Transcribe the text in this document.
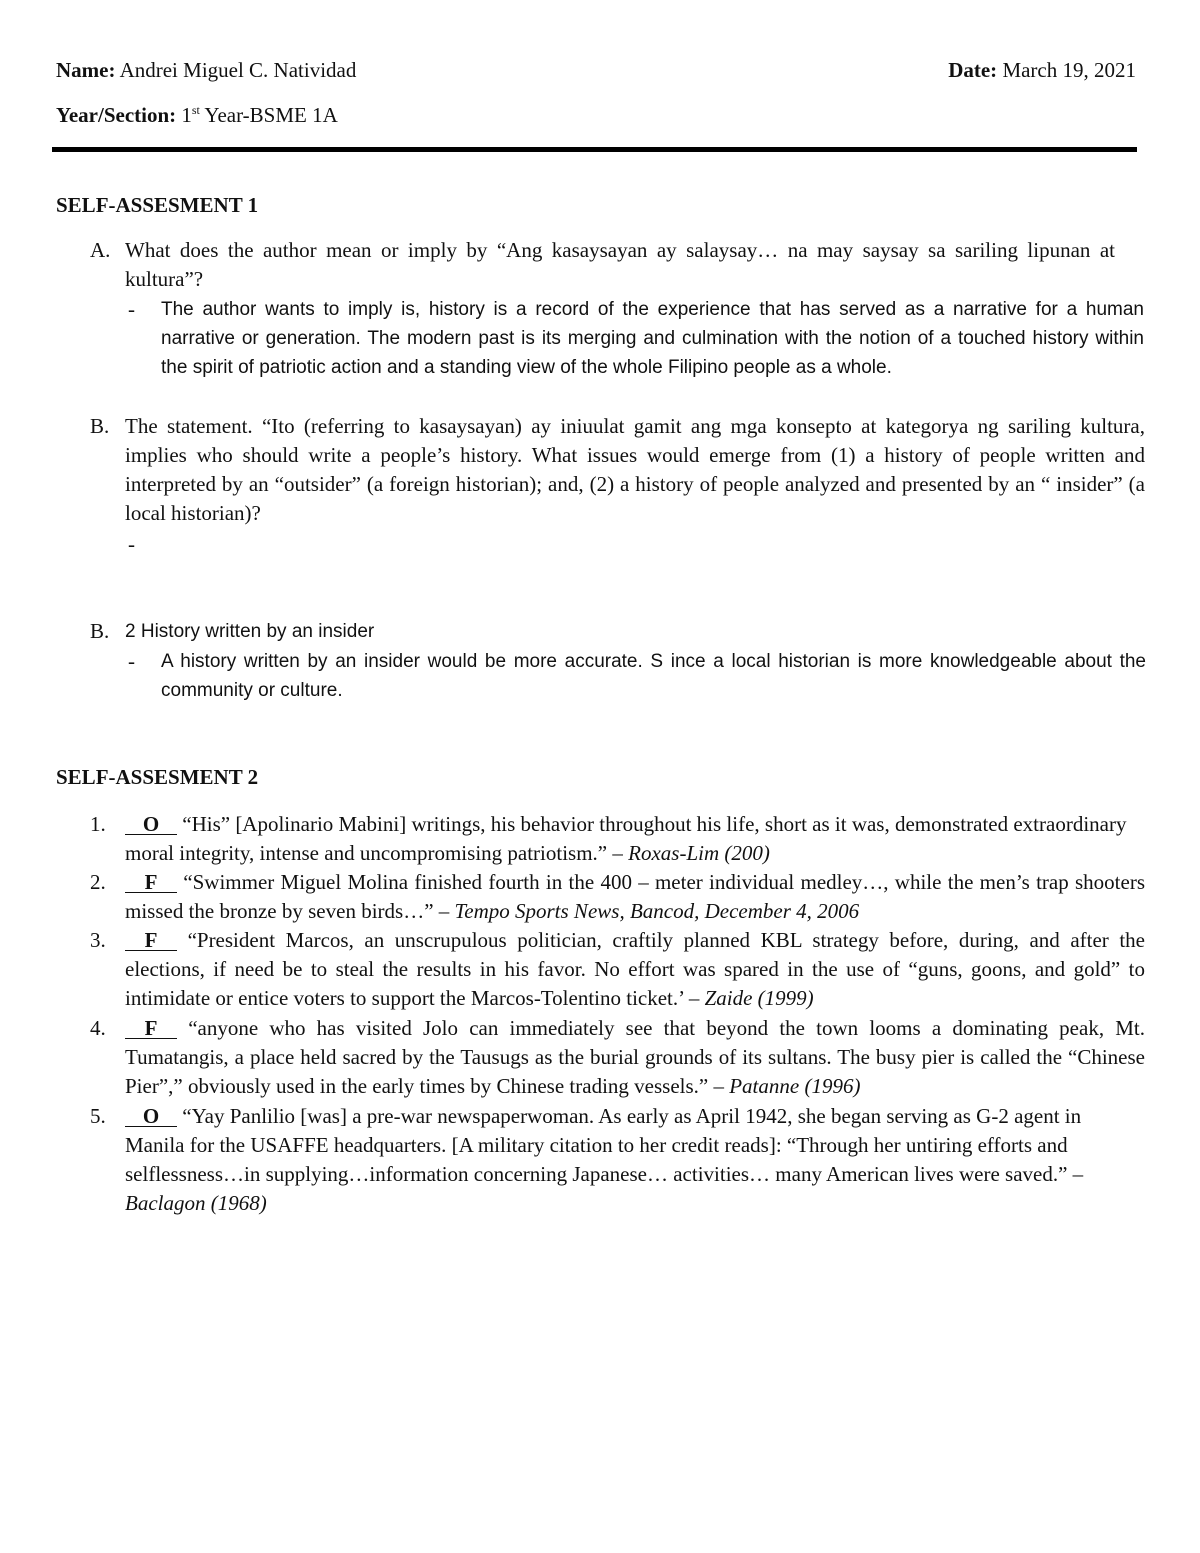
Name: Andrei Miguel C. Natividad	Date: March 19, 2021
Year/Section: 1st Year-BSME 1A
SELF-ASSESMENT 1
A. What does the author mean or imply by “Ang kasaysayan ay salaysay… na may saysay sa sariling lipunan at kultura”?
- The author wants to imply is, history is a record of the experience that has served as a narrative for a human narrative or generation. The modern past is its merging and culmination with the notion of a touched history within the spirit of patriotic action and a standing view of the whole Filipino people as a whole.
B. The statement. “Ito (referring to kasaysayan) ay iniuulat gamit ang mga konsepto at kategorya ng sariling kultura, implies who should write a people’s history. What issues would emerge from (1) a history of people written and interpreted by an “outsider” (a foreign historian); and, (2) a history of people analyzed and presented by an “ insider” (a local historian)?
-
B. 2 History written by an insider
- A history written by an insider would be more accurate. S ince a local historian is more knowledgeable about the community or culture.
SELF-ASSESMENT 2
1.	O “His” [Apolinario Mabini] writings, his behavior throughout his life, short as it was, demonstrated extraordinary moral integrity, intense and uncompromising patriotism.” – Roxas-Lim (200)
2.	F “Swimmer Miguel Molina finished fourth in the 400 – meter individual medley…, while the men’s trap shooters missed the bronze by seven birds…” – Tempo Sports News, Bancod, December 4, 2006
3.	F “President Marcos, an unscrupulous politician, craftily planned KBL strategy before, during, and after the elections, if need be to steal the results in his favor. No effort was spared in the use of “guns, goons, and gold” to intimidate or entice voters to support the Marcos-Tolentino ticket.’ – Zaide (1999)
4.	F “anyone who has visited Jolo can immediately see that beyond the town looms a dominating peak, Mt. Tumatangis, a place held sacred by the Tausugs as the burial grounds of its sultans. The busy pier is called the “Chinese Pier”,” obviously used in the early times by Chinese trading vessels.” – Patanne (1996)
5.	O “Yay Panlilio [was] a pre-war newspaperwoman. As early as April 1942, she began serving as G-2 agent in Manila for the USAFFE headquarters. [A military citation to her credit reads]: “Through her untiring efforts and selflessness…in supplying…information concerning Japanese… activities… many American lives were saved.” – Baclagon (1968)
